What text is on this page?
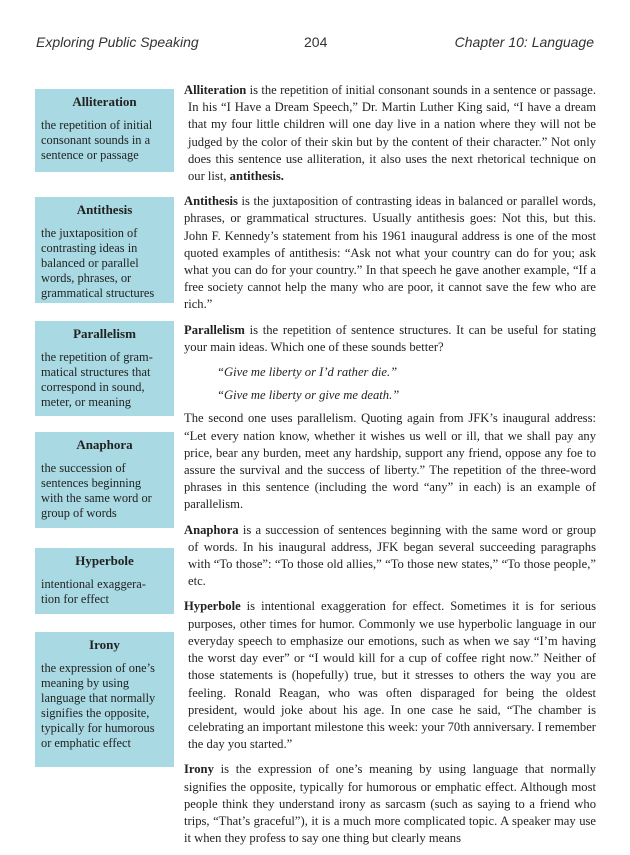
Exploring Public Speaking	204	Chapter 10: Language
Alliteration
the repetition of initial
consonant sounds in a
sentence or passage
Antithesis
the juxtaposition of
contrasting ideas in
balanced or parallel
words, phrases, or
grammatical structures
Parallelism
the repetition of gram-
matical structures that
correspond in sound,
meter, or meaning
Anaphora
the succession of
sentences beginning
with the same word or
group of words
Hyperbole
intentional exaggera-
tion for effect
Irony
the expression of one’s
meaning by using
language that normally
signifies the opposite,
typically for humorous
or emphatic effect

Alliteration is the repetition of initial consonant sounds in a sentence or passage. In his “I Have a Dream Speech,” Dr. Martin Luther King said, “I have a dream that my four little children will one day live in a nation where they will not be judged by the color of their skin but by the content of their character.” Not only does this sentence use alliteration, it also uses the next rhetorical technique on our list, antithesis.

Antithesis is the juxtaposition of contrasting ideas in balanced or parallel words, phrases, or grammatical structures. Usually antithesis goes: Not this, but this. John F. Kennedy’s statement from his 1961 inaugural address is one of the most quoted examples of antithesis: “Ask not what your country can do for you; ask what you can do for your country.” In that speech he gave another example, “If a free society cannot help the many who are poor, it cannot save the few who are rich.”

Parallelism is the repetition of sentence structures. It can be useful for stating your main ideas. Which one of these sounds better?

“Give me liberty or I’d rather die.”

“Give me liberty or give me death.”

The second one uses parallelism. Quoting again from JFK’s inaugural address: “Let every nation know, whether it wishes us well or ill, that we shall pay any price, bear any burden, meet any hardship, support any friend, oppose any foe to assure the survival and the success of liberty.” The repetition of the three-word phrases in this sentence (including the word “any” in each) is an example of parallelism.

Anaphora is a succession of sentences beginning with the same word or group of words. In his inaugural address, JFK began several succeeding paragraphs with “To those”: “To those old allies,” “To those new states,” “To those people,” etc.

Hyperbole is intentional exaggeration for effect. Sometimes it is for serious purposes, other times for humor. Commonly we use hyperbolic language in our everyday speech to emphasize our emotions, such as when we say “I’m having the worst day ever” or “I would kill for a cup of coffee right now.” Neither of those statements is (hopefully) true, but it stresses to others the way you are feeling. Ronald Reagan, who was often disparaged for being the oldest president, would joke about his age. In one case he said, “The chamber is celebrating an important milestone this week: your 70th anniversary. I remember the day you started.”

Irony is the expression of one’s meaning by using language that normally signifies the opposite, typically for humorous or emphatic effect. Although most people think they understand irony as sarcasm (such as saying to a friend who trips, “That’s graceful”), it is a much more complicated topic. A speaker may use it when they profess to say one thing but clearly means
